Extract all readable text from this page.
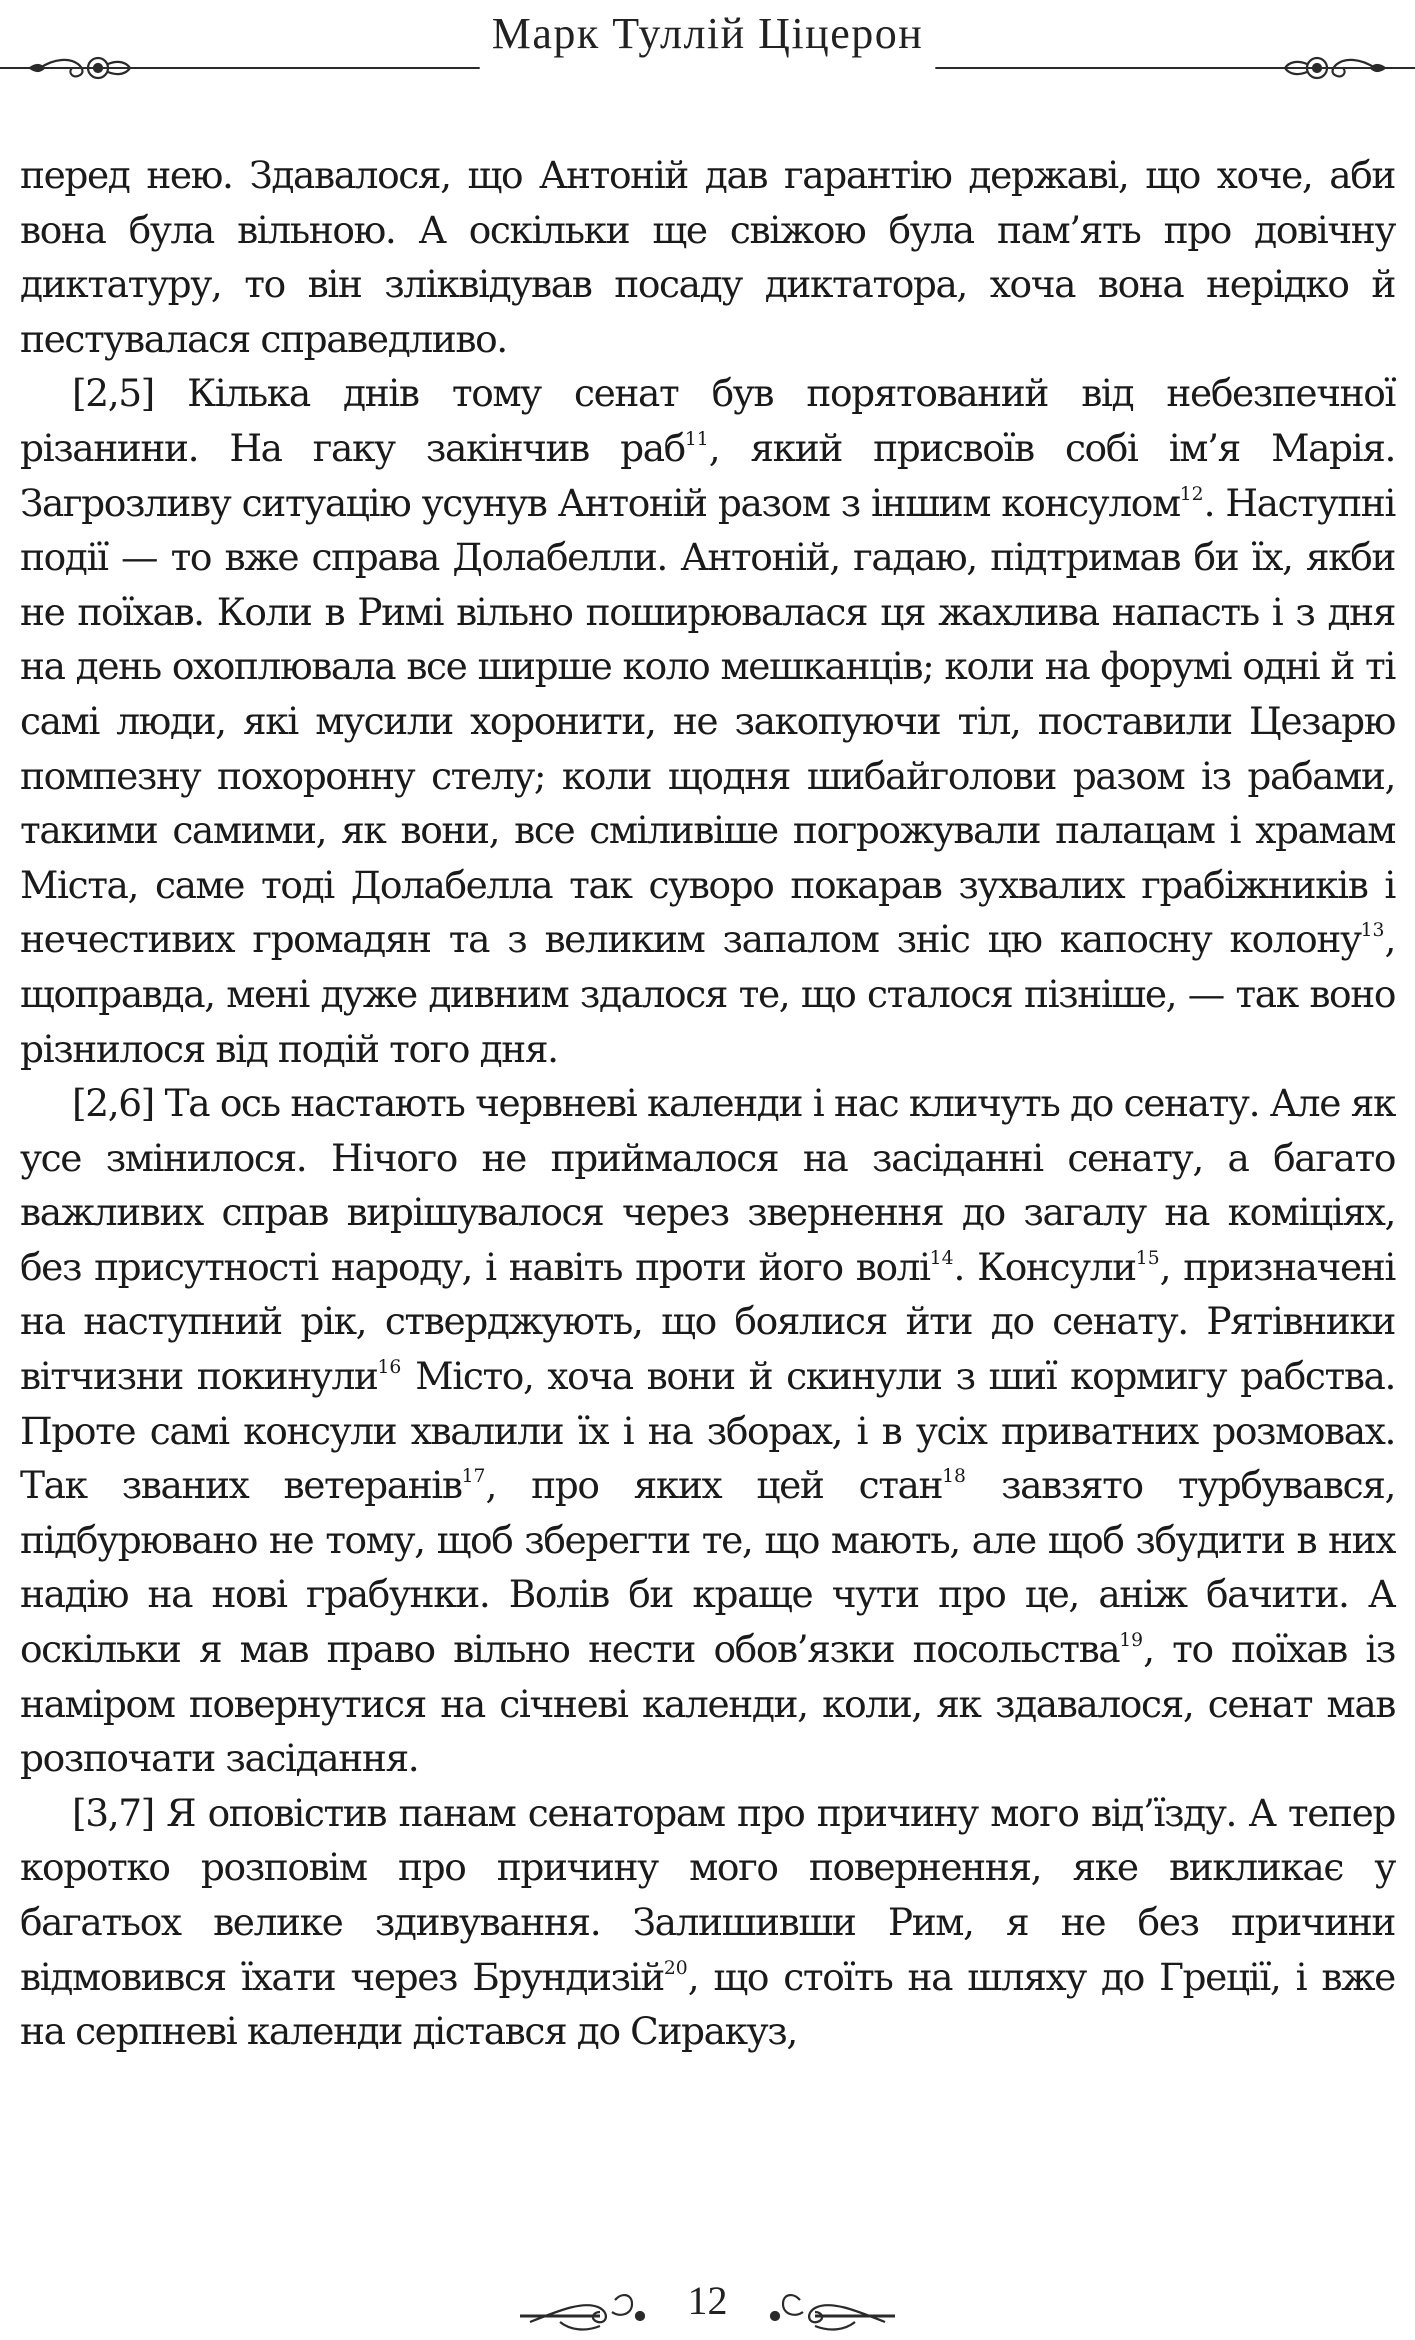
Марк Туллій Ціцерон

перед нею. Здавалося, що Антоній дав гарантію державі, що хоче, аби вона була вільною. А оскільки ще свіжою була пам’ять про довічну диктатуру, то він зліквідував посаду диктатора, хоча вона нерідко й пестувалася справедливо.

[2,5] Кілька днів тому сенат був порятований від небезпечної різанини. На гаку закінчив раб$^{11}$, який присвоїв собі ім’я Марія. Загрозливу ситуацію усунув Антоній разом з іншим консулом$^{12}$. Наступні події — то вже справа Долабелли. Антоній, гадаю, підтримав би їх, якби не поїхав. Коли в Римі вільно поширювалася ця жахлива напасть і з дня на день охоплювала все ширше коло мешканців; коли на форумі одні й ті самі люди, які мусили хоронити, не закопуючи тіл, поставили Цезарю помпезну похоронну стелу; коли щодня шибайголови разом із рабами, такими самими, як вони, все сміливіше погрожували палацам і храмам Міста, саме тоді Долабелла так суворо покарав зухвалих грабіжників і нечестивих громадян та з великим запалом зніс цю капосну колону$^{13}$, щоправда, мені дуже дивним здалося те, що сталося пізніше, — так воно різнилося від подій того дня.

[2,6] Та ось настають червневі календи і нас кличуть до сенату. Але як усе змінилося. Нічого не приймалося на засіданні сенату, а багато важливих справ вирішувалося через звернення до загалу на коміціях, без присутності народу, і навіть проти його волі$^{14}$. Консули$^{15}$, призначені на наступний рік, стверджують, що боялися йти до сенату. Рятівники вітчизни покинули$^{16}$ Місто, хоча вони й скинули з шиї кормигу рабства. Проте самі консули хвалили їх і на зборах, і в усіх приватних розмовах. Так званих ветеранів$^{17}$, про яких цей стан$^{18}$ завзято турбувався, підбурювано не тому, щоб зберегти те, що мають, але щоб збудити в них надію на нові грабунки. Волів би краще чути про це, аніж бачити. А оскільки я мав право вільно нести обов’язки посольства$^{19}$, то поїхав із наміром повернутися на січневі календи, коли, як здавалося, сенат мав розпочати засідання.

[3,7] Я оповістив панам сенаторам про причину мого від’їзду. А тепер коротко розповім про причину мого повернення, яке викликає у багатьох велике здивування. Залишивши Рим, я не без причини відмовився їхати через Брундизій$^{20}$, що стоїть на шляху до Греції, і вже на серпневі календи дістався до Сиракуз,

12
